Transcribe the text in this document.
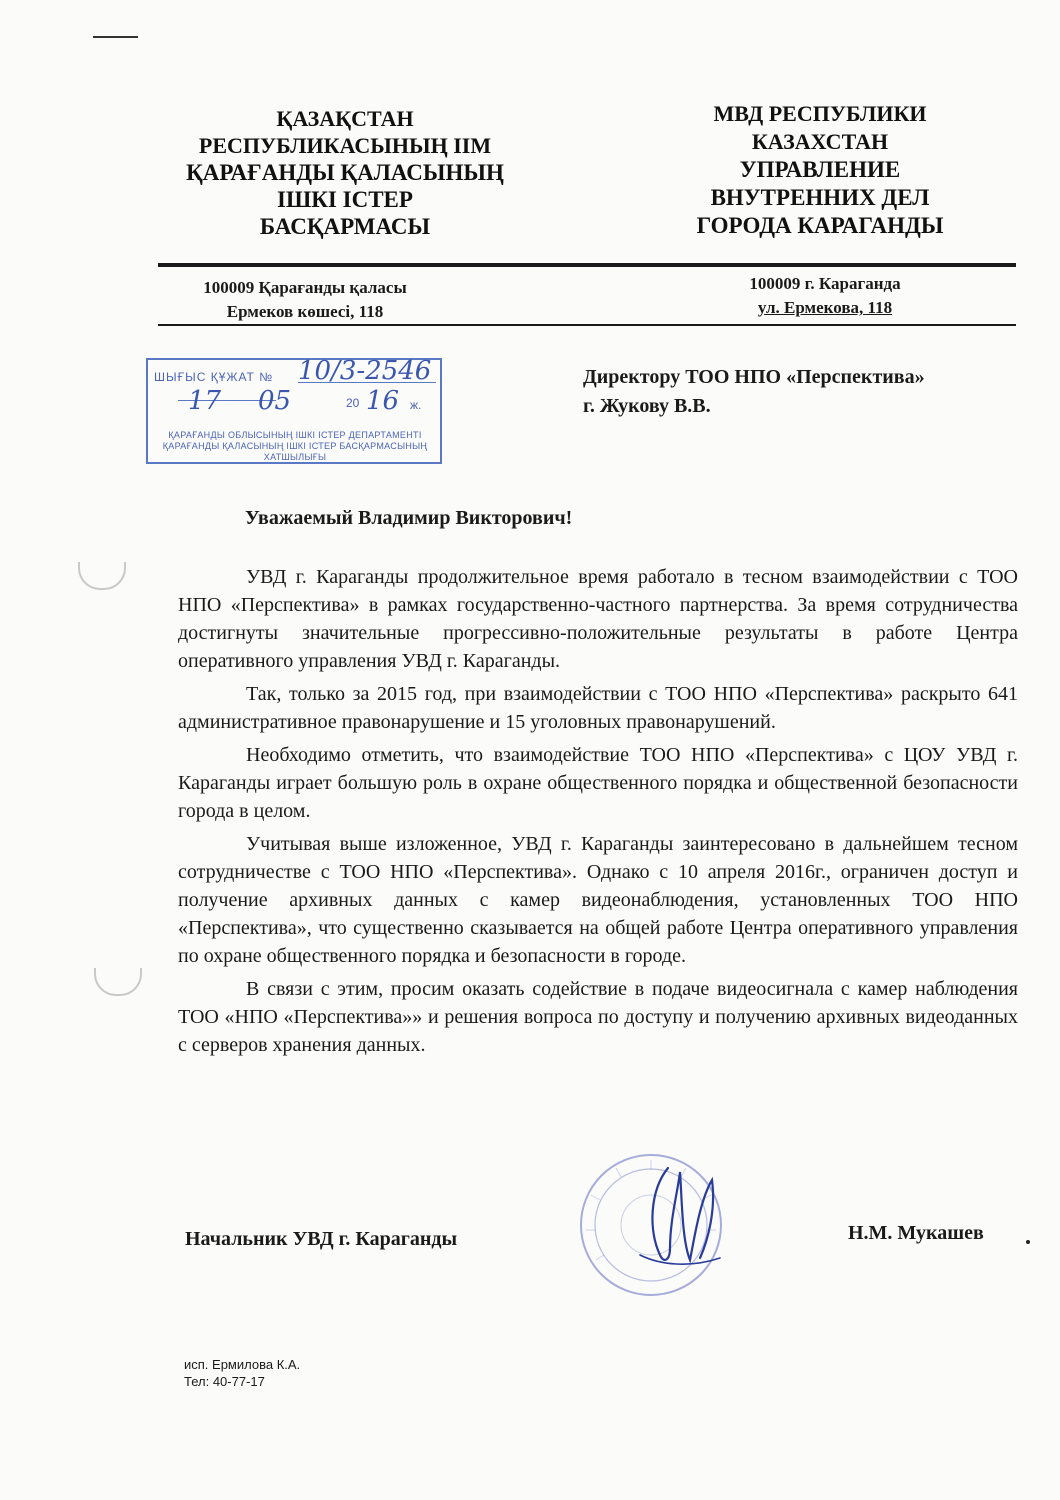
ҚАЗАҚСТАН
РЕСПУБЛИКАСЫНЫҢ ІІМ
ҚАРАҒАНДЫ ҚАЛАСЫНЫҢ
ІШКІ ІСТЕР
БАСҚАРМАСЫ
МВД РЕСПУБЛИКИ
КАЗАХСТАН
УПРАВЛЕНИЕ
ВНУТРЕННИХ ДЕЛ
ГОРОДА КАРАГАНДЫ
100009 Қарағанды қаласы
Ермеков көшесі, 118
100009 г. Караганда
ул. Ермекова, 118
ШЫҒЫС ҚҰЖАТ № 10/3-2546
17 05	20 16 ж.
ҚАРАҒАНДЫ ОБЛЫСЫНЫҢ ІШКІ ІСТЕР ДЕПАРТАМЕНТІ
ҚАРАҒАНДЫ ҚАЛАСЫНЫҢ ІШКІ ІСТЕР БАСҚАРМАСЫНЫҢ
ХАТШЫЛЫҒЫ
Директору ТОО НПО «Перспектива»
г. Жукову В.В.
Уважаемый Владимир Викторович!

УВД г. Караганды продолжительное время работало в тесном взаимодействии с ТОО НПО «Перспектива» в рамках государственно-частного партнерства. За время сотрудничества достигнуты значительные прогрессивно-положительные результаты в работе Центра оперативного управления УВД г. Караганды.

Так, только за 2015 год, при взаимодействии с ТОО НПО «Перспектива» раскрыто 641 административное правонарушение и 15 уголовных правонарушений.

Необходимо отметить, что взаимодействие ТОО НПО «Перспектива» с ЦОУ УВД г. Караганды играет большую роль в охране общественного порядка и общественной безопасности города в целом.

Учитывая выше изложенное, УВД г. Караганды заинтересовано в дальнейшем тесном сотрудничестве с ТОО НПО «Перспектива». Однако с 10 апреля 2016г., ограничен доступ и получение архивных данных с камер видеонаблюдения, установленных ТОО НПО «Перспектива», что существенно сказывается на общей работе Центра оперативного управления по охране общественного порядка и безопасности в городе.

В связи с этим, просим оказать содействие в подаче видеосигнала с камер наблюдения ТОО «НПО «Перспектива»» и решения вопроса по доступу и получению архивных видеоданных с серверов хранения данных.

Начальник УВД г. Караганды	Н.М. Мукашев
исп. Ермилова К.А.
Тел: 40-77-17
